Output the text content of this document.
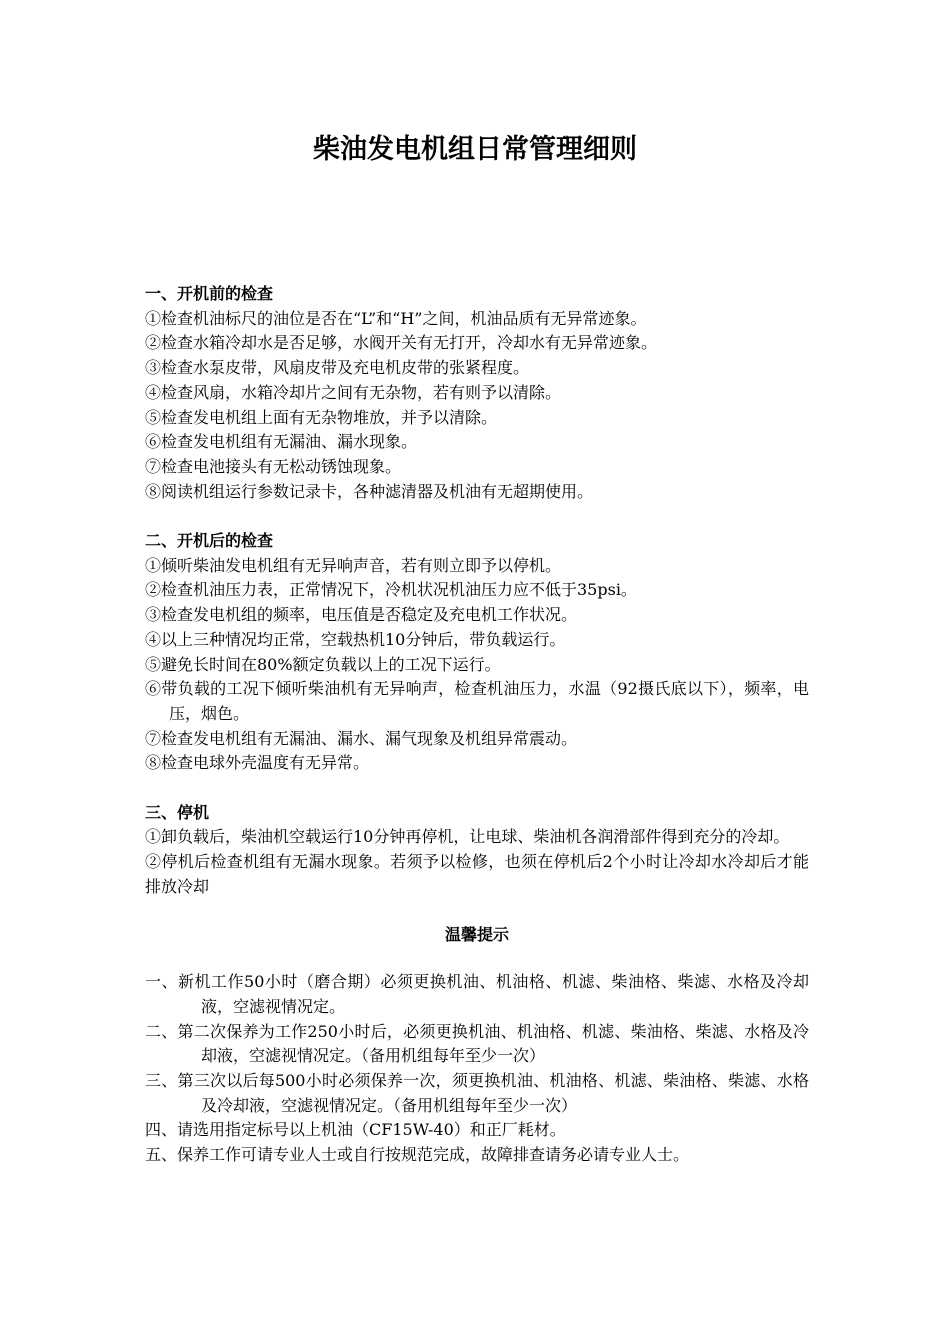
柴油发电机组日常管理细则

一、开机前的检查

①检查机油标尺的油位是否在“L”和“H”之间，机油品质有无异常迹象。

②检查水箱冷却水是否足够，水阀开关有无打开，冷却水有无异常迹象。

③检查水泵皮带，风扇皮带及充电机皮带的张紧程度。

④检查风扇，水箱冷却片之间有无杂物，若有则予以清除。

⑤检查发电机组上面有无杂物堆放，并予以清除。

⑥检查发电机组有无漏油、漏水现象。

⑦检查电池接头有无松动锈蚀现象。

⑧阅读机组运行参数记录卡，各种滤清器及机油有无超期使用。

二、开机后的检查

①倾听柴油发电机组有无异响声音，若有则立即予以停机。

②检查机油压力表，正常情况下，冷机状况机油压力应不低于35psi。

③检查发电机组的频率，电压值是否稳定及充电机工作状况。

④以上三种情况均正常，空载热机10分钟后，带负载运行。

⑤避免长时间在80%额定负载以上的工况下运行。

⑥带负载的工况下倾听柴油机有无异响声，检查机油压力，水温（92摄氏底以下），频率，电压，烟色。

⑦检查发电机组有无漏油、漏水、漏气现象及机组异常震动。

⑧检查电球外壳温度有无异常。

三、停机

①卸负载后，柴油机空载运行10分钟再停机，让电球、柴油机各润滑部件得到充分的冷却。

②停机后检查机组有无漏水现象。若须予以检修，也须在停机后2个小时让冷却水冷却后才能排放冷却

温馨提示

一、新机工作50小时（磨合期）必须更换机油、机油格、机滤、柴油格、柴滤、水格及冷却液，空滤视情况定。

二、第二次保养为工作250小时后，必须更换机油、机油格、机滤、柴油格、柴滤、水格及冷却液，空滤视情况定。（备用机组每年至少一次）

三、第三次以后每500小时必须保养一次，须更换机油、机油格、机滤、柴油格、柴滤、水格及冷却液，空滤视情况定。（备用机组每年至少一次）

四、请选用指定标号以上机油（CF15W-40）和正厂耗材。

五、保养工作可请专业人士或自行按规范完成，故障排查请务必请专业人士。
